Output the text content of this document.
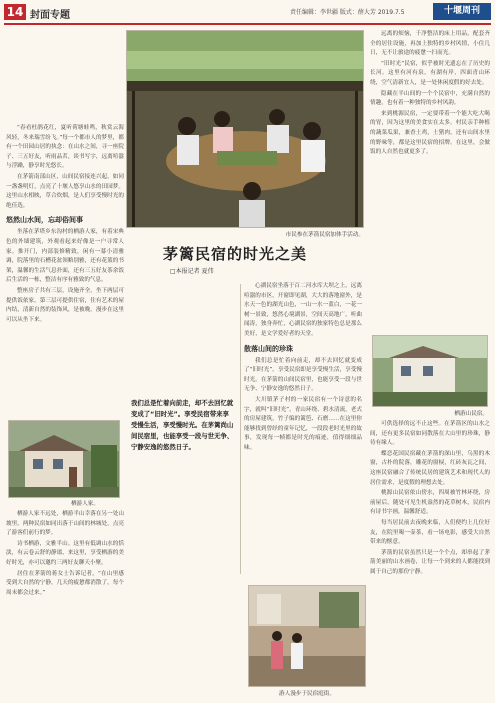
14 封面专题	责任编辑：李世疆 版式：薛大芳 2019.7.5	十堰周刊

“春看杜鹃花红，夏听荷塘蛙鸣，秋赏云海风轻，冬来瑞雪纷飞。”每一个都市人的梦里，都有一个田园山居的执念：在山水之间，寻一座院子、三五好友，听雨品茗，谈书写字，远离喧嚣与浮躁，静享时光悠长。

在茅箭南部山区，山间民宿接连兴起，如同一盏盏明灯，点亮了十堰人悠享山水的田园梦。这里山水相映，草合炊烟，是人们享受慢时光的绝佳选。

悠然山水间，忘却俗间事

坐落在茅塔乡东沟村的栖游人家，有着宋典色的外墙建筑，外观看起来好像是一户寻常人家。推开门，内部装修精致，闲有一幕小清雅调，院落里的石槽花盆领略别雅，还有花篮的书架，温馨的生活气息扑面，还有三五好友茶余饭后生活的一栋，整洁有序有雅致的气息。

整座房子共有三层，设施齐全，坐下两层可提供饭依家。第三层可提供住宿，住有艺术的屋内结，清新自然的装饰风，是被晚。漫步在这里可以从坐下来。

栖游人家。

栖游人家不远处，栖游半山幸落在另一处山坡里。两种民宿如同出落于山间的林城处，点亮了游客们前行的梦。

诗书栖游，文雅半山。这里有低调山水的恬淡，有云卷云舒的静谧，来这里，享受栖游的美好时光，亦可以邀约三两好友聊天小聚。

居住在茅箭的蒋女士告诉记者，“在山里感受到大自然的宁静，几天的疲惫都消散了，每个周末都会过来。”

市民参在茅箭民宿加体手活动。
茅篱民宿的时光之美
□本报记者 夏伟
我们总是忙着向前走，却不去回忆就变成了“旧时光”。享受民宿带来享受慢生活，享受慢时光。在茅篱尚山间民宿里，也能享受一段与世无争、宁静安逸的悠然日子。

心湖民宿坐落于百二河水库大坝之上，远离喧嚣的市区，开窗即见湖，大大的落地窗外，是水天一色的湖光山色，一山一水一蓝白，一花一树一景致，悠然心境湖景，空间天高地广，听曲闻涛，独身奔忙，心湖民宿的独家特色总是那么美好，是文学爱好者的天堂。

散落山间的珍珠

我们总是忙着向前走，却不去回忆就变成了“旧时光”。享受民宿即是享受慢生活，享受慢时光。在茅箭的山间民宿里，也能享受一段与世无争、宁静安逸的悠然日子。

大川镇茅子村的一家民宿有一个诗意的名字，就叫“旧时光”。青山环绕、碧水清流，老式的房屋建筑，竹子编的篱笆、石磨……在这里你能够找到曾经的童年记忆，一段段老时光里的故事，发现每一帧都是时光的痕迹，值得细细品味。

游人漫步于民宿庭街。

远离的烦恼，千净整洁的床上用品，配套齐全的居住设施，再加上独特的乡村风情，小住几日，无不让旅途的疲惫一扫而光。

“旧时光”民宿，似乎被时光遗忘在了历史的长河。这里有河有泉，有湖有岸，四面青山环绕，空气清新宜人，是一处休闲度假的好去处。

隐藏在半山间的一个个民宿中，充满自然的情趣，也有着一种独特的乡村风韵。

来到桃源民宿，一定要带着一个能大吃大喝的胃，因为这里的美食实在太多。村民亲手种植的蔬菜瓜果，兼香土鸡，土猪肉，还有山间水里的野味等，都是这里民宿的招牌。在这里，会做饭的人自然也就更多了。

栖游山民宿。

可供选择的远不止这些。在茅箭区的山水之间，还有更多民宿如同散落在大山里的珍珠，静待有缘人。

蝶恋花国民宿藏在茅箭的深山里，乌黑的木窗，古朴的院落，雕花的窗棂，红砖灰瓦之间，这座民宿融合了传统民居的建筑艺术和现代人的居住需求，是度假的理想去处。

桃源山民宿依山傍水，四周被竹林环绕，房前屋后，随处可见生机盎然的花草树木，民宿内有诗书字画，温馨舒适。

每当居民前去夜晚来临，人们便约上几位好友，在院里喝一壶茶，看一场电影，感受大自然带来的惬意。

茅箭的民宿虽然只是一个个点，却串起了茅箭美丽的山水画卷，让每一个到来的人都能找到属于自己的那份宁静。
